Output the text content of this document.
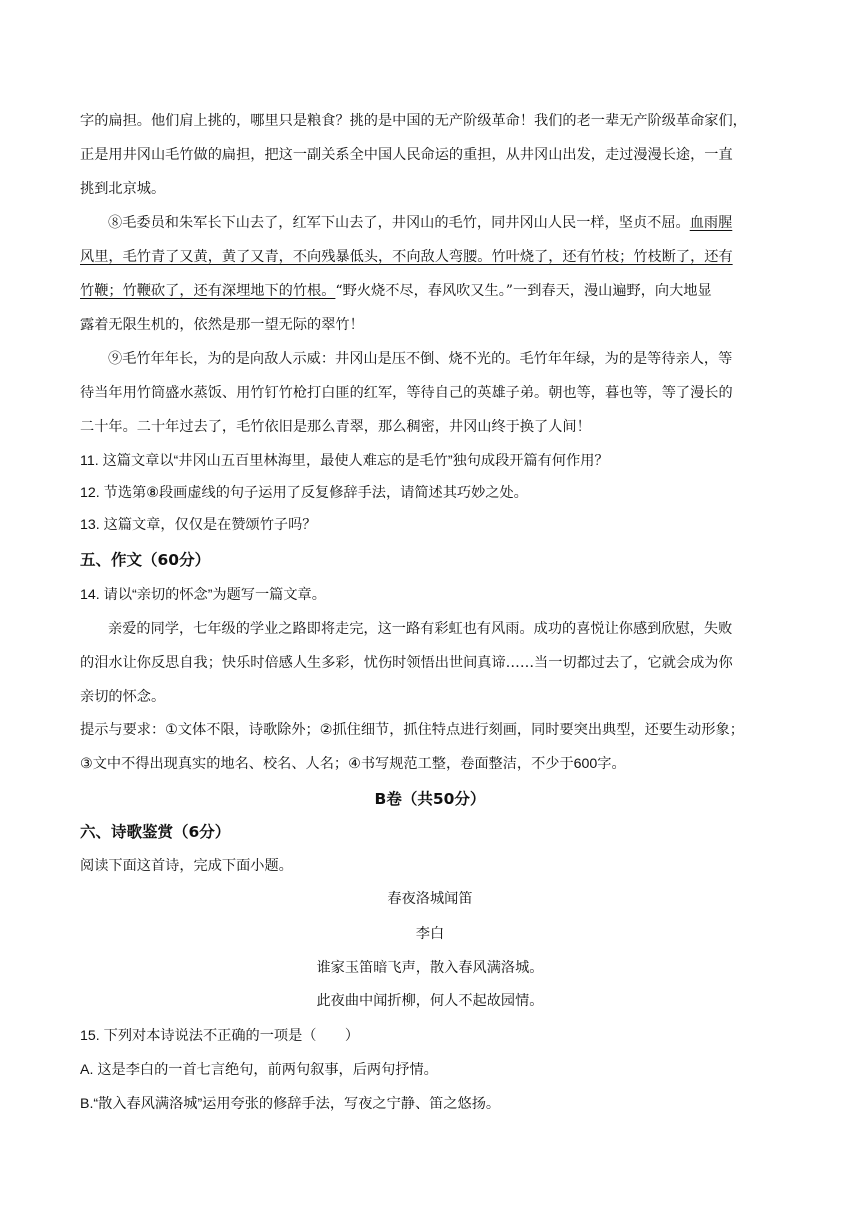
字的扁担。他们肩上挑的，哪里只是粮食？挑的是中国的无产阶级革命！我们的老一辈无产阶级革命家们，
正是用井冈山毛竹做的扁担，把这一副关系全中国人民命运的重担，从井冈山出发，走过漫漫长途，一直
挑到北京城。
⑧毛委员和朱军长下山去了，红军下山去了，井冈山的毛竹，同井冈山人民一样，坚贞不屈。血雨腥
风里，毛竹青了又黄，黄了又青，不向残暴低头，不向敌人弯腰。竹叶烧了，还有竹枝；竹枝断了，还有
竹鞭；竹鞭砍了，还有深埋地下的竹根。“野火烧不尽，春风吹又生。”一到春天，漫山遍野，向大地显
露着无限生机的，依然是那一望无际的翠竹！
⑨毛竹年年长，为的是向敌人示威：井冈山是压不倒、烧不光的。毛竹年年绿，为的是等待亲人，等
待当年用竹筒盛水蒸饭、用竹钉竹枪打白匪的红军，等待自己的英雄子弟。朝也等，暮也等，等了漫长的
二十年。二十年过去了，毛竹依旧是那么青翠，那么稠密，井冈山终于换了人间！
11. 这篇文章以“井冈山五百里林海里，最使人难忘的是毛竹”独句成段开篇有何作用？
12. 节选第⑧段画虚线的句子运用了反复修辞手法，请简述其巧妙之处。
13. 这篇文章，仅仅是在赞颂竹子吗？
五、作文（60分）
14. 请以“亲切的怀念”为题写一篇文章。
亲爱的同学，七年级的学业之路即将走完，这一路有彩虹也有风雨。成功的喜悦让你感到欣慰，失败
的泪水让你反思自我；快乐时倍感人生多彩，忧伤时领悟出世间真谛……当一切都过去了，它就会成为你
亲切的怀念。
提示与要求：①文体不限，诗歌除外；②抓住细节，抓住特点进行刻画，同时要突出典型，还要生动形象；
③文中不得出现真实的地名、校名、人名；④书写规范工整，卷面整洁，不少于600字。
B卷（共50分）
六、诗歌鉴赏（6分）
阅读下面这首诗，完成下面小题。
春夜洛城闻笛
李白
谁家玉笛暗飞声，散入春风满洛城。
此夜曲中闻折柳，何人不起故园情。
15. 下列对本诗说法不正确的一项是（　　）
A. 这是李白的一首七言绝句，前两句叙事，后两句抒情。
B.“散入春风满洛城”运用夸张的修辞手法，写夜之宁静、笛之悠扬。
